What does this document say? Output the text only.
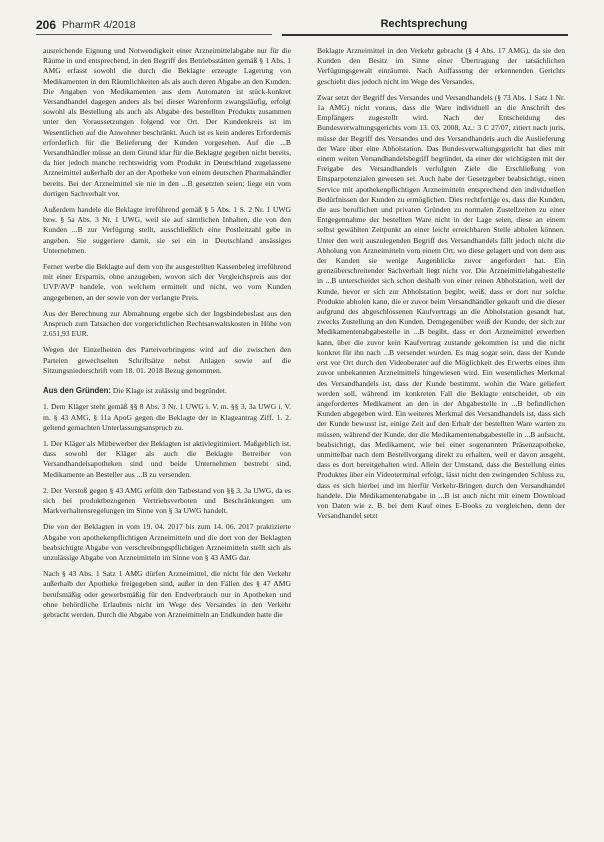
206 PharmR 4/2018	Rechtsprechung

ausreichende Eignung und Notwendigkeit einer Arzneimittelabgabe nur für die Räume in und entsprechend, in den Begriff des Betriebsstätten gemäß § 1 Abs. 1 AMG erfasst sowohl die durch die Beklagte erzeugte Lagerung von Medikamenten in den Räumlichkeiten als als auch deren Abgabe an den Kunden. Die Angaben von Medikamenten aus dem Automaten ist stück-konkret Versandhandel dagegen anders als bei dieser Warenform zwangsläufig, erfolgt sowohl als Bestellung als auch als Abgabe des bestellten Produkts zusammen unter den Voraussetzungen folgend vor Ort. Der Kundenkreis ist im Wesentlichen auf die Anwohner beschränkt. Auch ist es kein anderes Erfordernis erforderlich für die Belieferung der Kunden vorgesehen. Auf die ...B Versandhändler müsse an dem Grund klar für die Beklagte gegeben nicht bereits, da hier jedoch manche rechtswidrig vom Produkt in Deutschland zugelassene Arzneimittel außerhalb der an der Apotheke von einem deutschen Pharmahändler bereits. Bei der Arzneimittel sie nie in den ...B gesetzten seien; liege ein vom dortigen Sachverhalt vor.

Außerdem handele die Beklagte irreführend gemäß § 5 Abs. 1 S. 2 Nr. 1 UWG bzw. § 5a Abs. 3 Nr. 1 UWG, weil sie auf sämtlichen Inhalten, die von den Kunden ...B zur Verfügung stellt, ausschließlich eine Postleitzahl gebe in angeben. Sie suggeriere damit, sie sei ein in Deutschland ansässiges Unternehmen.

Ferner werbe die Beklagte auf dem von ihr ausgestellten Kassenbeleg irreführend mit einer Ersparnis, ohne anzugeben, wovon sich der Vergleichspreis aus der UVP/AVP handele, von welchem ermittelt und nicht, wo vom Kunden angegebenen, an der sowie von der verlangte Preis.

Aus der Berechnung zur Abmahnung ergebe sich der Ingsbindebeslast aus den Anspruch zum Tatsachen der vorgerichtlichen Rechtsanwaltskosten in Höhe von 2.651,93 EUR.

Wegen der Einzelheiten des Parteivorbringens wird auf die zwischen den Parteien gewechselten Schriftsätze nebst Anlagen sowie auf die Sitzungsniederschrift vom 18. 01. 2018 Bezug genommen.

Aus den Gründen: Die Klage ist zulässig und begründet.

1. Dem Kläger steht gemäß §§ 8 Abs. 3 Nr. 1 UWG i. V. m. §§ 3, 3a UWG i. V. m. § 43 AMG, § 11a ApoG gegen die Beklagte der in Klageantrag Ziff. 1. 2. geltend gemachten Unterlassungsanspruch zu.

1. Der Kläger als Mitbewerber der Beklagten ist aktivlegitimiert. Maßgeblich ist, dass sowohl der Kläger als auch die Beklagte Betreiber von Versandhandelsapotheken sind und beide Unternehmen bestrebt sind, Medikamente an Besteller aus ...B zu versenden.

2. Der Verstoß gegen § 43 AMG erfüllt den Tatbestand von §§ 3, 3a UWG, da es sich bei produktbezogenen Vertriebsverboten und Beschränkungen um Markverhaltensregelungen im Sinne von § 3a UWG handelt.

Die von der Beklagten in vom 19. 04. 2017 bis zum 14. 06. 2017 praktizierte Abgabe von apothekenpflichtigen Arzneimitteln und die dort von der Beklagten beabsichtigte Abgabe von verschreibungspflichtigen Arzneimitteln stellt sich als unzulässige Abgabe von Arzneimitteln im Sinne von § 43 AMG dar.

Nach § 43 Abs. 1 Satz 1 AMG dürfen Arzneimittel, die nicht für den Verkehr außerhalb der Apotheke freigegeben sind, außer in den Fällen des § 47 AMG berufsmäßig oder gewerbsmäßig für den Endverbrauch nur in Apotheken und ohne behördliche Erlaubnis nicht im Wege des Versandes in den Verkehr gebracht werden. Durch die Abgabe von Arzneimitteln an Endkunden hatte die

Beklagte Arzneimittel in den Verkehr gebracht (§ 4 Abs. 17 AMG), da sie den Kunden den Besitz im Sinne einer Übertragung der tatsächlichen Verfügungsgewalt einräumte. Nach Auffassung der erkennenden Gerichts geschieht dies jedoch nicht im Wege des Versandes.

Zwar setzt der Begriff des Versandes und Versandhandels (§ 73 Abs. 1 Satz 1 Nr. 1a AMG) nicht voraus, dass die Ware individuell an die Anschrift des Empfängers zugestellt wird. Nach der Entscheidung des Bundesverwaltungsgerichts vom 13. 03. 2008, Az.: 3 C 27/07, zitiert nach juris, müsse der Begriff des Versandes und des Versandhandels auch die Auslieferung der Ware über eine Abholstation. Das Bundesverwaltungsgericht hat dies mit einem weiten Versandhandelsbegriff begründet, da einer der wichtigsten mit der Freigabe des Versandhandels verfolgten Ziele die Erschließung von Einsparpotenzialen gewesen sei. Auch habe der Gesetzgeber beabsichtigt, einen Service mit apothekenpflichtigen Arzneimitteln entsprechend den individuellen Bedürfnissen der Kunden zu ermöglichen. Dies rechtfertige es, dass die Kunden, die aus beruflichen und privaten Gründen zu normalen Zustellzeiten zu einer Entgegennahme der bestellten Ware nicht in der Lage seien, diese an einem selbst gewählten Zeitpunkt an einer leicht erreichbaren Stelle abholen können. Unter den weit auszulegenden Begriff des Versandhandels fällt jedoch nicht die Abholung von Arzneimitteln vom einem Ort, wo diese gelagert und von dem aus der Kunden sie wenige Augenblicke zuvor angefordert hat. Ein grenzüberschreitender Sachverhalt liegt nicht vor. Die Arzneimittelabgabestelle in ...B unterscheidet sich schon deshalb von einer reinen Abholstation, weil der Kunde, bevor er sich zur Abholstation begibt, weiß, dass er dort nur solche Produkte abholen kann, die er zuvor beim Versandhändler gekauft und die dieser aufgrund des abgeschlossenen Kaufvertrags an die Abholstation gesandt hat, zwecks Zustellung an den Kunden. Demgegenüber weiß der Kunde, der sich zur Medikamentenabgabestelle in ...B begibt, dass er dort Arzneimittel erwerben kann, über die zuvor kein Kaufvertrag zustande gekommen ist und die nicht konkret für ihn nach ...B versendet wurden. Es mag sogar sein, dass der Kunde erst vor Ort durch den Videoberater auf die Möglichkeit des Erwerbs eines ihm zuvor unbekannten Arzneimittels hingewiesen wird. Ein wesentliches Merkmal des Versandhandels ist, dass der Kunde bestimmt, wohin die Ware geliefert werden soll, während im konkreten Fall die Beklagte entscheidet, ob ein angefordertes Medikament an den in der Abgabestelle in ...B befindlichen Kunden abgegeben wird. Ein weiteres Merkmal des Versandhandels ist, dass sich der Kunde bewusst ist, einige Zeit auf den Erhalt der bestellten Ware warten zu müssen, während der Kunde, der die Medikamentenabgabestelle in ...B aufsucht, beabsichtigt, das Medikament, wie bei einer sogenannten Präsenzapotheke, unmittelbar nach dem Bestellvorgang direkt zu erhalten, weil er davon ausgeht, dass es dort bereitgehalten wird. Allein der Umstand, dass die Bestellung eines Produktes über ein Videoterminal erfolgt, lässt nicht den zwingenden Schluss zu, dass es sich hierbei und im hierfür Verkehr-Bringen durch den Versandhandel handele. Die Medikamentenabgabe in ...B ist auch nicht mit einem Download von Daten wie z. B. bei dem Kauf eines E-Books zu vergleichen, denn der Versandhandel setzt
